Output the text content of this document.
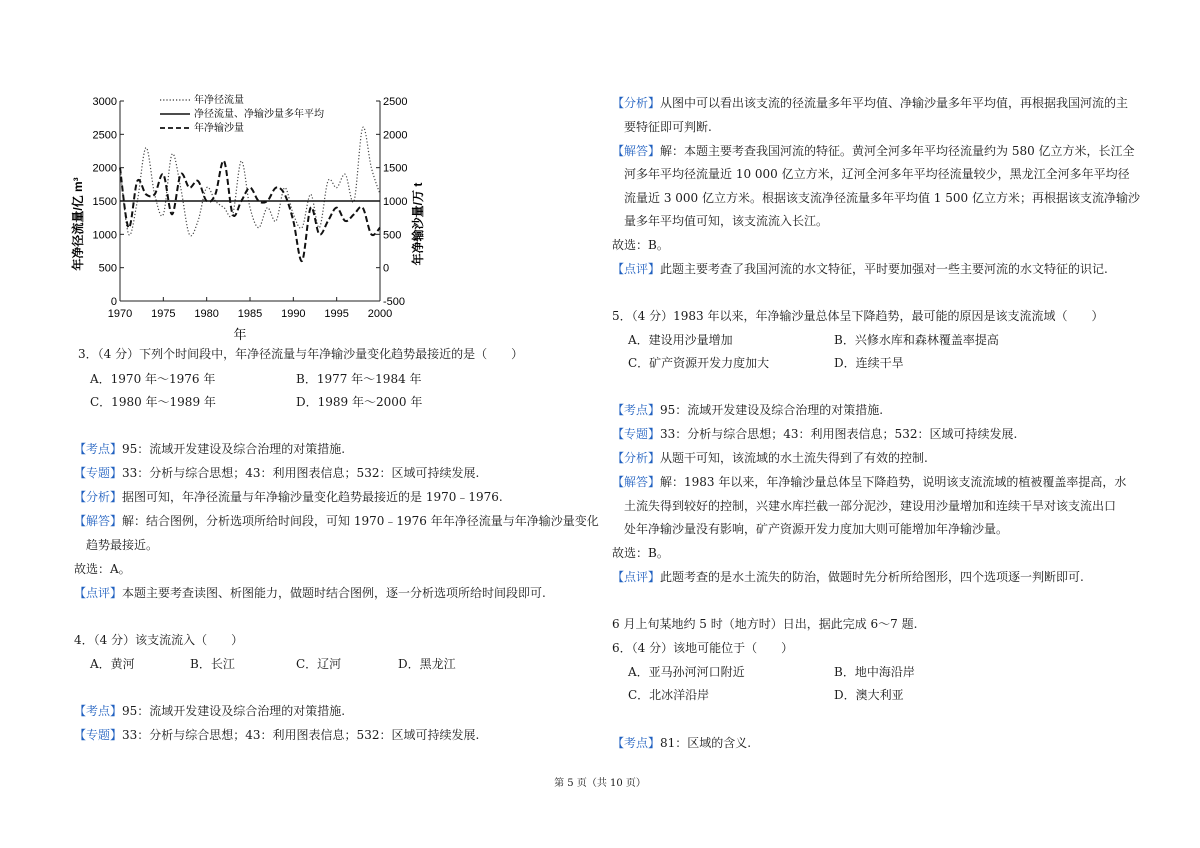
0
500
1000
1500
2000
2500
3000
-500
0
500
1000
1500
2000
2500
1970 1975 1980 1985 1990 1995 2000
年净径流量
净径流量、净输沙量多年平均
年净输沙量
年
年净径流量/亿 m³	年净输沙量/万 t
3．（4 分）下列个时间段中，年净径流量与年净输沙量变化趋势最接近的是（　　）
A．1970 年～1976 年	B．1977 年～1984 年
C．1980 年～1989 年	D．1989 年～2000 年
【考点】95：流域开发建设及综合治理的对策措施.
【专题】33：分析与综合思想；43：利用图表信息；532：区域可持续发展.
【分析】据图可知，年净径流量与年净输沙量变化趋势最接近的是 1970﹣1976.
【解答】解：结合图例，分析选项所给时间段，可知 1970﹣1976 年年净径流量与年净输沙量变化
趋势最接近。
故选：A。
【点评】本题主要考查读图、析图能力，做题时结合图例，逐一分析选项所给时间段即可.
4．（4 分）该支流流入（　　）
A．黄河	B．长江	C．辽河	D．黑龙江
【考点】95：流域开发建设及综合治理的对策措施.
【专题】33：分析与综合思想；43：利用图表信息；532：区域可持续发展.
【分析】从图中可以看出该支流的径流量多年平均值、净输沙量多年平均值，再根据我国河流的主
要特征即可判断.
【解答】解：本题主要考查我国河流的特征。黄河全河多年平均径流量约为 580 亿立方米，长江全
河多年平均径流量近 10 000 亿立方米，辽河全河多年平均径流量较少，黑龙江全河多年平均径
流量近 3 000 亿立方米。根据该支流净径流量多年平均值 1 500 亿立方米；再根据该支流净输沙
量多年平均值可知，该支流流入长江。
故选：B。
【点评】此题主要考查了我国河流的水文特征，平时要加强对一些主要河流的水文特征的识记.
5．（4 分）1983 年以来，年净输沙量总体呈下降趋势，最可能的原因是该支流流域（　　）
A．建设用沙量增加	B．兴修水库和森林覆盖率提高
C．矿产资源开发力度加大	D．连续干旱
【考点】95：流域开发建设及综合治理的对策措施.
【专题】33：分析与综合思想；43：利用图表信息；532：区域可持续发展.
【分析】从题干可知，该流域的水土流失得到了有效的控制.
【解答】解：1983 年以来，年净输沙量总体呈下降趋势，说明该支流流域的植被覆盖率提高，水
土流失得到较好的控制，兴建水库拦截一部分泥沙，建设用沙量增加和连续干旱对该支流出口
处年净输沙量没有影响，矿产资源开发力度加大则可能增加年净输沙量。
故选：B。
【点评】此题考查的是水土流失的防治，做题时先分析所给图形，四个选项逐一判断即可.
6 月上旬某地约 5 时（地方时）日出，据此完成 6～7 题.
6．（4 分）该地可能位于（　　）
A．亚马孙河河口附近	B．地中海沿岸
C．北冰洋沿岸	D．澳大利亚
【考点】81：区域的含义.
第 5 页（共 10 页）
